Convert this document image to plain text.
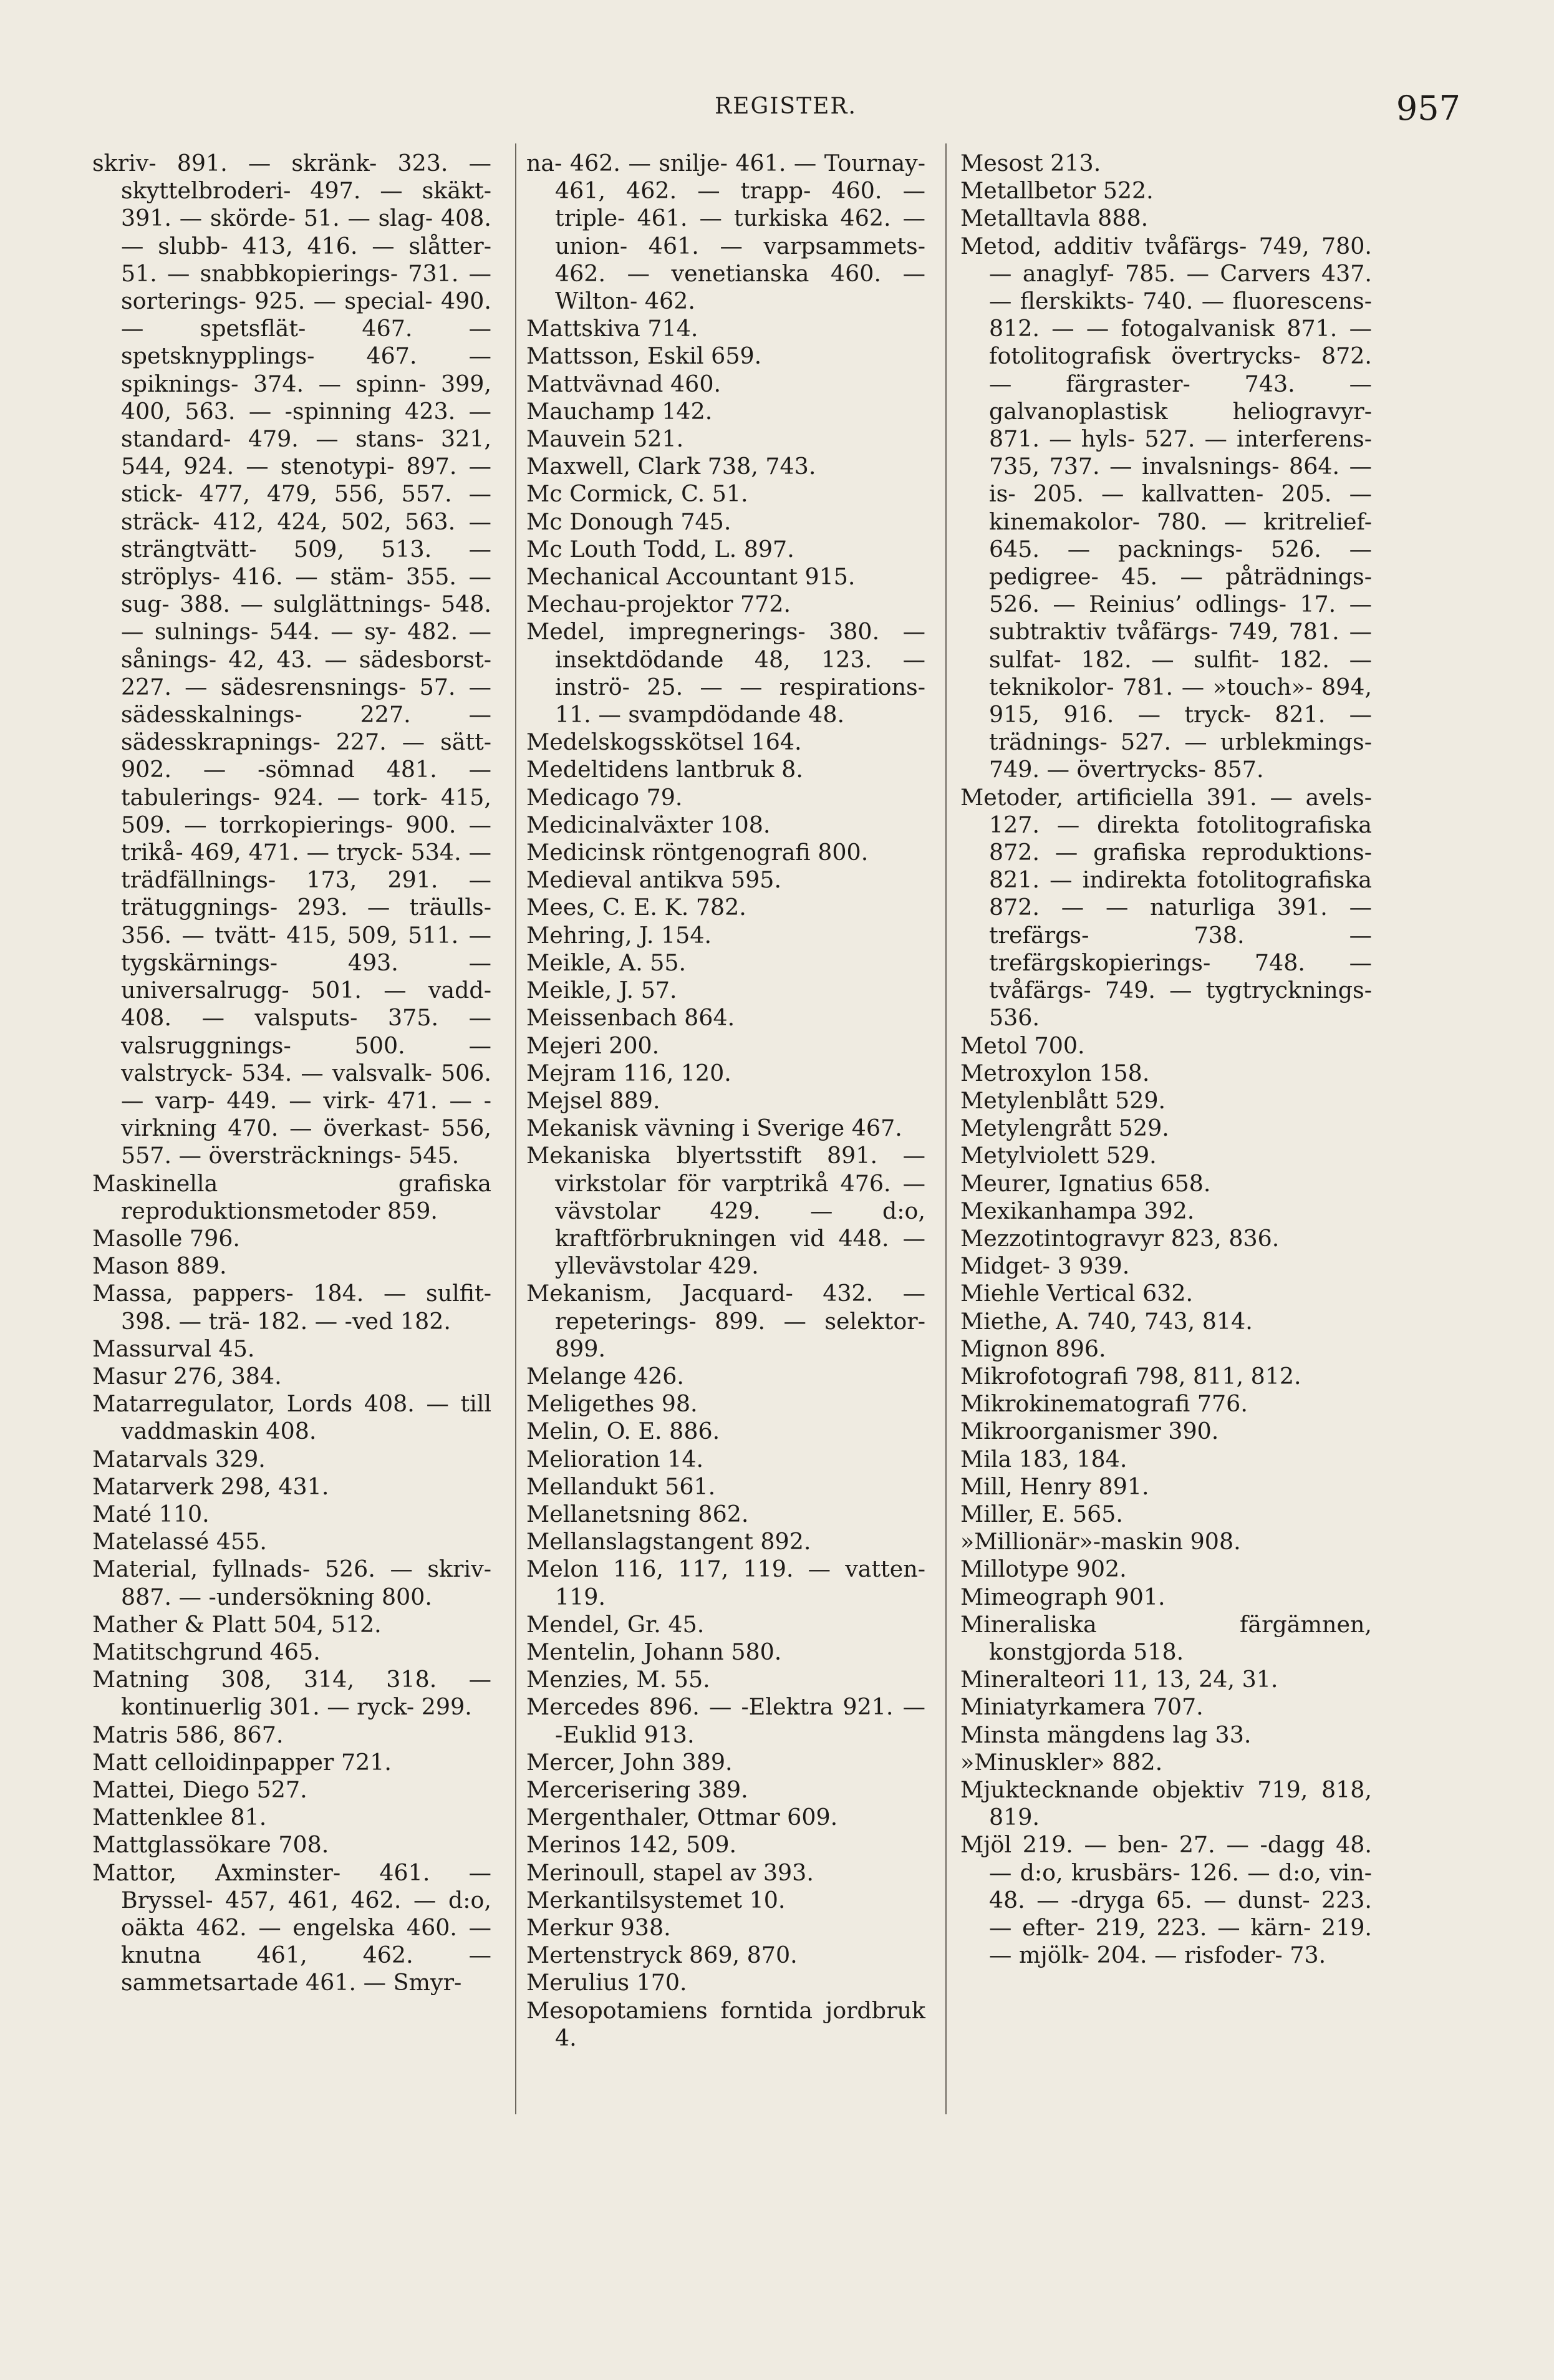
REGISTER.	957

skriv- 891. — skränk- 323. — skyttelbroderi- 497. — skäkt- 391. — skörde- 51. — slag- 408. — slubb- 413, 416. — slåtter- 51. — snabbkopierings- 731. — sorterings- 925. — special- 490. — spetsflät- 467. — spetsknypplings- 467. — spiknings- 374. — spinn- 399, 400, 563. — -spinning 423. — standard- 479. — stans- 321, 544, 924. — stenotypi- 897. — stick- 477, 479, 556, 557. — sträck- 412, 424, 502, 563. — strängtvätt- 509, 513. — ströplys- 416. — stäm- 355. — sug- 388. — sulglättnings- 548. — sulnings- 544. — sy- 482. — sånings- 42, 43. — sädesborst- 227. — sädesrensnings- 57. — sädesskalnings- 227. — sädesskrapnings- 227. — sätt- 902. — -sömnad 481. — tabulerings- 924. — tork- 415, 509. — torrkopierings- 900. — trikå- 469, 471. — tryck- 534. — trädfällnings- 173, 291. — trätuggnings- 293. — träulls- 356. — tvätt- 415, 509, 511. — tygskärnings- 493. — universalrugg- 501. — vadd- 408. — valsputs- 375. — valsruggnings- 500. — valstryck- 534. — valsvalk- 506. — varp- 449. — virk- 471. — -virkning 470. — överkast- 556, 557. — översträcknings- 545.

Maskinella grafiska reproduktionsmetoder 859.

Masolle 796.

Mason 889.

Massa, pappers- 184. — sulfit- 398. — trä- 182. — -ved 182.

Massurval 45.

Masur 276, 384.

Matarregulator, Lords 408. — till vaddmaskin 408.

Matarvals 329.

Matarverk 298, 431.

Maté 110.

Matelassé 455.

Material, fyllnads- 526. — skriv- 887. — -undersökning 800.

Mather & Platt 504, 512.

Matitschgrund 465.

Matning 308, 314, 318. — kontinuerlig 301. — ryck- 299.

Matris 586, 867.

Matt celloidinpapper 721.

Mattei, Diego 527.

Mattenklee 81.

Mattglassökare 708.

Mattor, Axminster- 461. — Bryssel- 457, 461, 462. — d:o, oäkta 462. — engelska 460. — knutna 461, 462. — sammetsartade 461. — Smyr-

na- 462. — snilje- 461. — Tournay- 461, 462. — trapp- 460. — triple- 461. — turkiska 462. — union- 461. — varpsammets- 462. — venetianska 460. — Wilton- 462.

Mattskiva 714.

Mattsson, Eskil 659.

Mattvävnad 460.

Mauchamp 142.

Mauvein 521.

Maxwell, Clark 738, 743.

Mc Cormick, C. 51.

Mc Donough 745.

Mc Louth Todd, L. 897.

Mechanical Accountant 915.

Mechau-projektor 772.

Medel, impregnerings- 380. — insektdödande 48, 123. — inströ- 25. — — respirations- 11. — svampdödande 48.

Medelskogsskötsel 164.

Medeltidens lantbruk 8.

Medicago 79.

Medicinalväxter 108.

Medicinsk röntgenografi 800.

Medieval antikva 595.

Mees, C. E. K. 782.

Mehring, J. 154.

Meikle, A. 55.

Meikle, J. 57.

Meissenbach 864.

Mejeri 200.

Mejram 116, 120.

Mejsel 889.

Mekanisk vävning i Sverige 467.

Mekaniska blyertsstift 891. — virkstolar för varptrikå 476. — vävstolar 429. — d:o, kraftförbrukningen vid 448. — yllevävstolar 429.

Mekanism, Jacquard- 432. — repeterings- 899. — selektor- 899.

Melange 426.

Meligethes 98.

Melin, O. E. 886.

Melioration 14.

Mellandukt 561.

Mellanetsning 862.

Mellanslagstangent 892.

Melon 116, 117, 119. — vatten- 119.

Mendel, Gr. 45.

Mentelin, Johann 580.

Menzies, M. 55.

Mercedes 896. — -Elektra 921. — -Euklid 913.

Mercer, John 389.

Mercerisering 389.

Mergenthaler, Ottmar 609.

Merinos 142, 509.

Merinoull, stapel av 393.

Merkantilsystemet 10.

Merkur 938.

Mertenstryck 869, 870.

Merulius 170.

Mesopotamiens forntida jordbruk 4.

Mesost 213.

Metallbetor 522.

Metalltavla 888.

Metod, additiv tvåfärgs- 749, 780. — anaglyf- 785. — Carvers 437. — flerskikts- 740. — fluorescens- 812. — — fotogalvanisk 871. — fotolitografisk övertrycks- 872. — färgraster- 743. — galvanoplastisk heliogravyr- 871. — hyls- 527. — interferens- 735, 737. — invalsnings- 864. — is- 205. — kallvatten- 205. — kinemakolor- 780. — kritrelief- 645. — packnings- 526. — pedigree- 45. — påträdnings- 526. — Reinius’ odlings- 17. — subtraktiv tvåfärgs- 749, 781. — sulfat- 182. — sulfit- 182. — teknikolor- 781. — »touch»- 894, 915, 916. — tryck- 821. — trädnings- 527. — urblekmings- 749. — övertrycks- 857.

Metoder, artificiella 391. — avels- 127. — direkta fotolitografiska 872. — grafiska reproduktions- 821. — indirekta fotolitografiska 872. — — naturliga 391. — trefärgs- 738. — trefärgskopierings- 748. — tvåfärgs- 749. — tygtrycknings- 536.

Metol 700.

Metroxylon 158.

Metylenblått 529.

Metylengrått 529.

Metylviolett 529.

Meurer, Ignatius 658.

Mexikanhampa 392.

Mezzotintogravyr 823, 836.

Midget- 3 939.

Miehle Vertical 632.

Miethe, A. 740, 743, 814.

Mignon 896.

Mikrofotografi 798, 811, 812.

Mikrokinematografi 776.

Mikroorganismer 390.

Mila 183, 184.

Mill, Henry 891.

Miller, E. 565.

»Millionär»-maskin 908.

Millotype 902.

Mimeograph 901.

Mineraliska färgämnen, konstgjorda 518.

Mineralteori 11, 13, 24, 31.

Miniatyrkamera 707.

Minsta mängdens lag 33.

»Minuskler» 882.

Mjuktecknande objektiv 719, 818, 819.

Mjöl 219. — ben- 27. — -dagg 48. — d:o, krusbärs- 126. — d:o, vin- 48. — -dryga 65. — dunst- 223. — efter- 219, 223. — kärn- 219. — mjölk- 204. — risfoder- 73.
